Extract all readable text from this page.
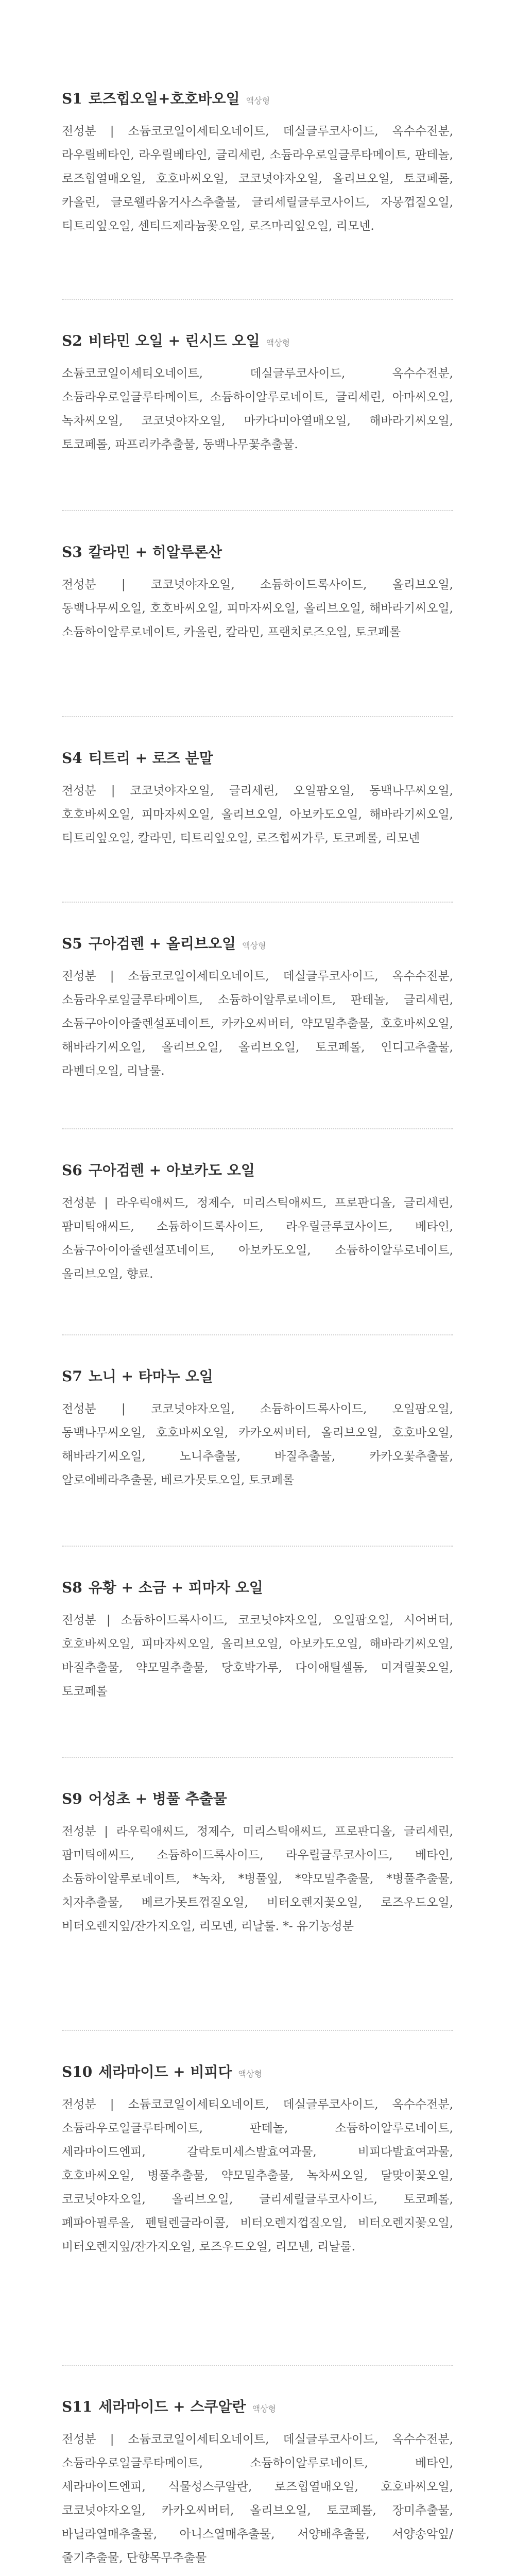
S1 로즈힙오일+호호바오일 액상형

전성분 | 소듐코코일이세티오네이트, 데실글루코사이드, 옥수수전분, 라우릴베타인, 라우릴베타인, 글리세린, 소듐라우로일글루타메이트, 판테놀, 로즈힙열매오일, 호호바씨오일, 코코넛야자오일, 올리브오일, 토코페롤, 카올린, 글로웰라움거사스추출물, 글리세릴글루코사이드, 자몽껍질오일, 티트리잎오일, 센티드제라늄꽃오일, 로즈마리잎오일, 리모넨.

S2 비타민 오일 + 린시드 오일 액상형

소듐코코일이세티오네이트, 데실글루코사이드, 옥수수전분, 소듐라우로일글루타메이트, 소듐하이알루로네이트, 글리세린, 아마씨오일, 녹차씨오일, 코코넛야자오일, 마카다미아열매오일, 해바라기씨오일, 토코페롤, 파프리카추출물, 동백나무꽃추출물.

S3 칼라민 + 히알루론산

전성분 | 코코넛야자오일, 소듐하이드록사이드, 올리브오일, 동백나무씨오일, 호호바씨오일, 피마자씨오일, 올리브오일, 해바라기씨오일, 소듐하이알루로네이트, 카올린, 칼라민, 프랜치로즈오일, 토코페롤

S4 티트리 + 로즈 분말

전성분 | 코코넛야자오일, 글리세린, 오일팜오일, 동백나무씨오일, 호호바씨오일, 피마자씨오일, 올리브오일, 아보카도오일, 해바라기씨오일, 티트리잎오일, 칼라민, 티트리잎오일, 로즈힙씨가루, 토코페롤, 리모넨

S5 구아검렌 + 올리브오일 액상형

전성분 | 소듐코코일이세티오네이트, 데실글루코사이드, 옥수수전분, 소듐라우로일글루타메이트, 소듐하이알루로네이트, 판테놀, 글리세린, 소듐구아이아줄렌설포네이트, 카카오씨버터, 약모밀추출물, 호호바씨오일, 해바라기씨오일, 올리브오일, 올리브오일, 토코페롤, 인디고추출물, 라벤더오일, 리날룰.

S6 구아검렌 + 아보카도 오일

전성분 | 라우릭애씨드, 정제수, 미리스틱애씨드, 프로판디올, 글리세린, 팜미틱애씨드, 소듐하이드록사이드, 라우릴글루코사이드, 베타인, 소듐구아이아줄렌설포네이트, 아보카도오일, 소듐하이알루로네이트, 올리브오일, 향료.

S7 노니 + 타마누 오일

전성분 | 코코넛야자오일, 소듐하이드록사이드, 오일팜오일, 동백나무씨오일, 호호바씨오일, 카카오씨버터, 올리브오일, 호호바오일, 해바라기씨오일, 노니추출물, 바질추출물, 카카오꽃추출물, 알로에베라추출물, 베르가못토오일, 토코페롤

S8 유황 + 소금 + 피마자 오일

전성분 | 소듐하이드록사이드, 코코넛야자오일, 오일팜오일, 시어버터, 호호바씨오일, 피마자씨오일, 올리브오일, 아보카도오일, 해바라기씨오일, 바질추출물, 약모밀추출물, 당호박가루, 다이애틸셀돔, 미겨릴꽃오일, 토코페롤

S9 어성초 + 병풀 추출물

전성분 | 라우릭애씨드, 정제수, 미리스틱애씨드, 프로판디올, 글리세린, 팜미틱애씨드, 소듐하이드록사이드, 라우릴글루코사이드, 베타인, 소듐하이알루로네이트, *녹차, *병풀잎, *약모밀추출물, *병풀추출물, 치자추출물, 베르가못트껍질오일, 비터오렌지꽃오일, 로즈우드오일, 비터오렌지잎/잔가지오일, 리모넨, 리날룰. *- 유기농성분

S10 세라마이드 + 비피다 액상형

전성분 | 소듐코코일이세티오네이트, 데실글루코사이드, 옥수수전분, 소듐라우로일글루타메이트, 판테놀, 소듐하이알루로네이트, 세라마이드엔피, 갈락토미세스발효여과물, 비피다발효여과물, 호호바씨오일, 병풀추출물, 약모밀추출물, 녹차씨오일, 달맞이꽃오일, 코코넛야자오일, 올리브오일, 글리세릴글루코사이드, 토코페롤, 폐파아필루올, 펜틸렌글라이콜, 비터오렌지껍질오일, 비터오렌지꽃오일, 비터오렌지잎/잔가지오일, 로즈우드오일, 리모넨, 리날룰.

S11 세라마이드 + 스쿠알란 액상형

전성분 | 소듐코코일이세티오네이트, 데실글루코사이드, 옥수수전분, 소듐라우로일글루타메이트, 소듐하이알루로네이트, 베타인, 세라마이드엔피, 식물성스쿠알란, 로즈힙열매오일, 호호바씨오일, 코코넛야자오일, 카카오씨버터, 올리브오일, 토코페롤, 장미추출물, 바닐라열매추출물, 아니스열매추출물, 서양배추출물, 서양송악잎/줄기추출물, 단향목무추출물
